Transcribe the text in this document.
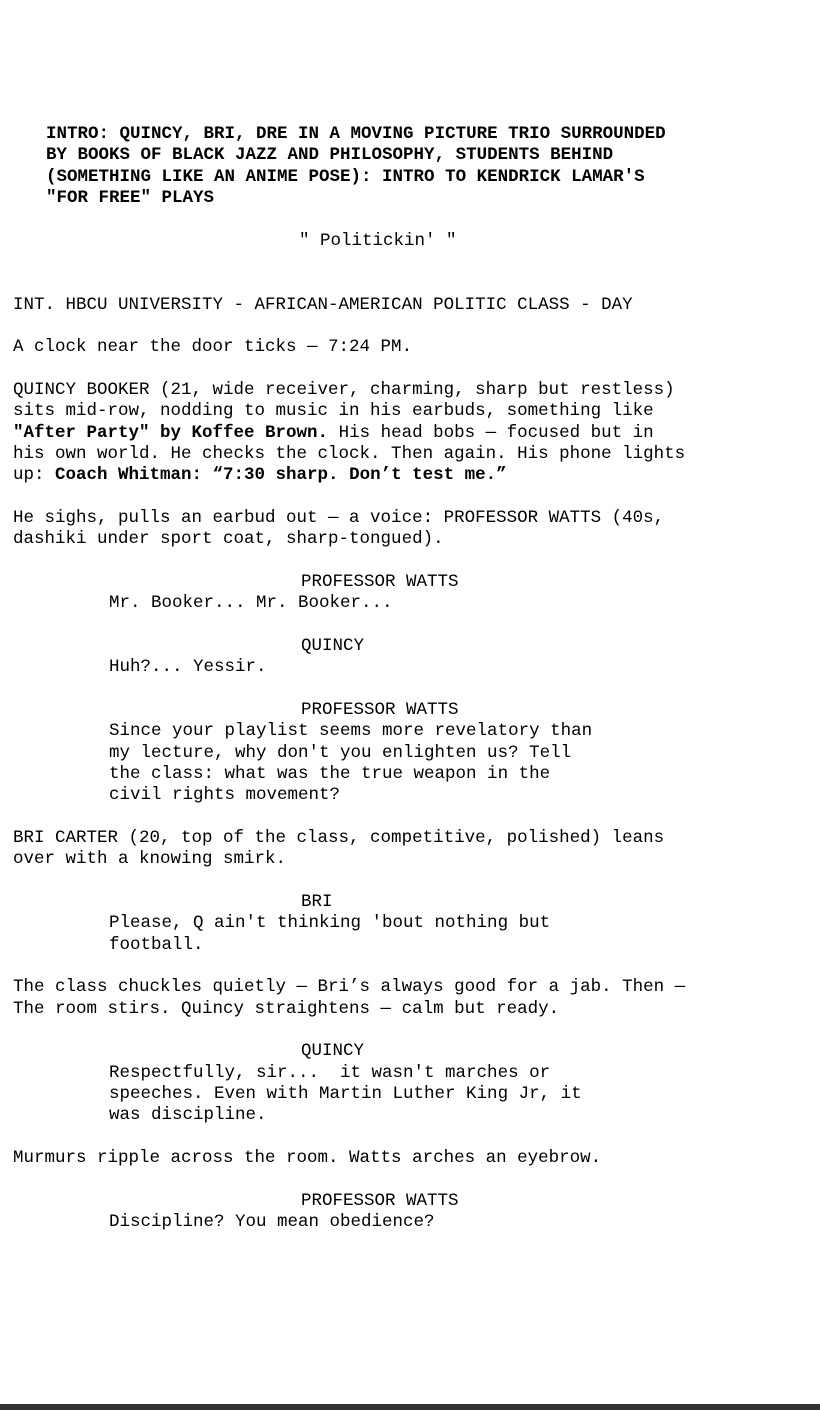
INTRO: QUINCY, BRI, DRE IN A MOVING PICTURE TRIO SURROUNDED
BY BOOKS OF BLACK JAZZ AND PHILOSOPHY, STUDENTS BEHIND
(SOMETHING LIKE AN ANIME POSE): INTRO TO KENDRICK LAMAR'S
"FOR FREE" PLAYS
" Politickin' "
INT. HBCU UNIVERSITY - AFRICAN-AMERICAN POLITIC CLASS - DAY
A clock near the door ticks — 7:24 PM.
QUINCY BOOKER (21, wide receiver, charming, sharp but restless)
sits mid-row, nodding to music in his earbuds, something like
"After Party" by Koffee Brown. His head bobs — focused but in
his own world. He checks the clock. Then again. His phone lights
up: Coach Whitman: “7:30 sharp. Don’t test me.”
He sighs, pulls an earbud out — a voice: PROFESSOR WATTS (40s,
dashiki under sport coat, sharp-tongued).
PROFESSOR WATTS
Mr. Booker... Mr. Booker...
QUINCY
Huh?... Yessir.
PROFESSOR WATTS
Since your playlist seems more revelatory than
my lecture, why don't you enlighten us? Tell
the class: what was the true weapon in the
civil rights movement?
BRI CARTER (20, top of the class, competitive, polished) leans
over with a knowing smirk.
BRI
Please, Q ain't thinking 'bout nothing but
football.
The class chuckles quietly — Bri’s always good for a jab. Then —
The room stirs. Quincy straightens — calm but ready.
QUINCY
Respectfully, sir...  it wasn't marches or
speeches. Even with Martin Luther King Jr, it
was discipline.
Murmurs ripple across the room. Watts arches an eyebrow.
PROFESSOR WATTS
Discipline? You mean obedience?
